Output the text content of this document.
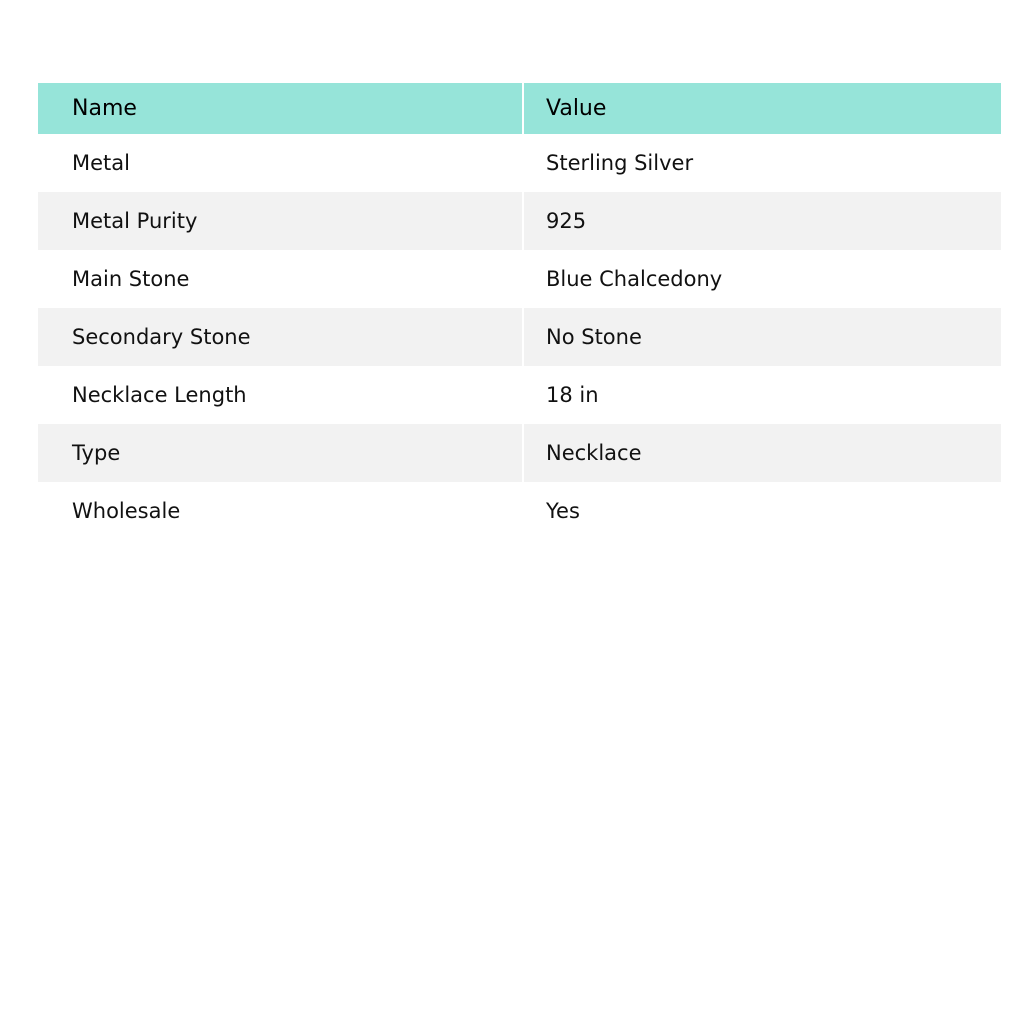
Name	Value
Metal	Sterling Silver
Metal Purity	925
Main Stone	Blue Chalcedony
Secondary Stone	No Stone
Necklace Length	18 in
Type	Necklace
Wholesale	Yes
